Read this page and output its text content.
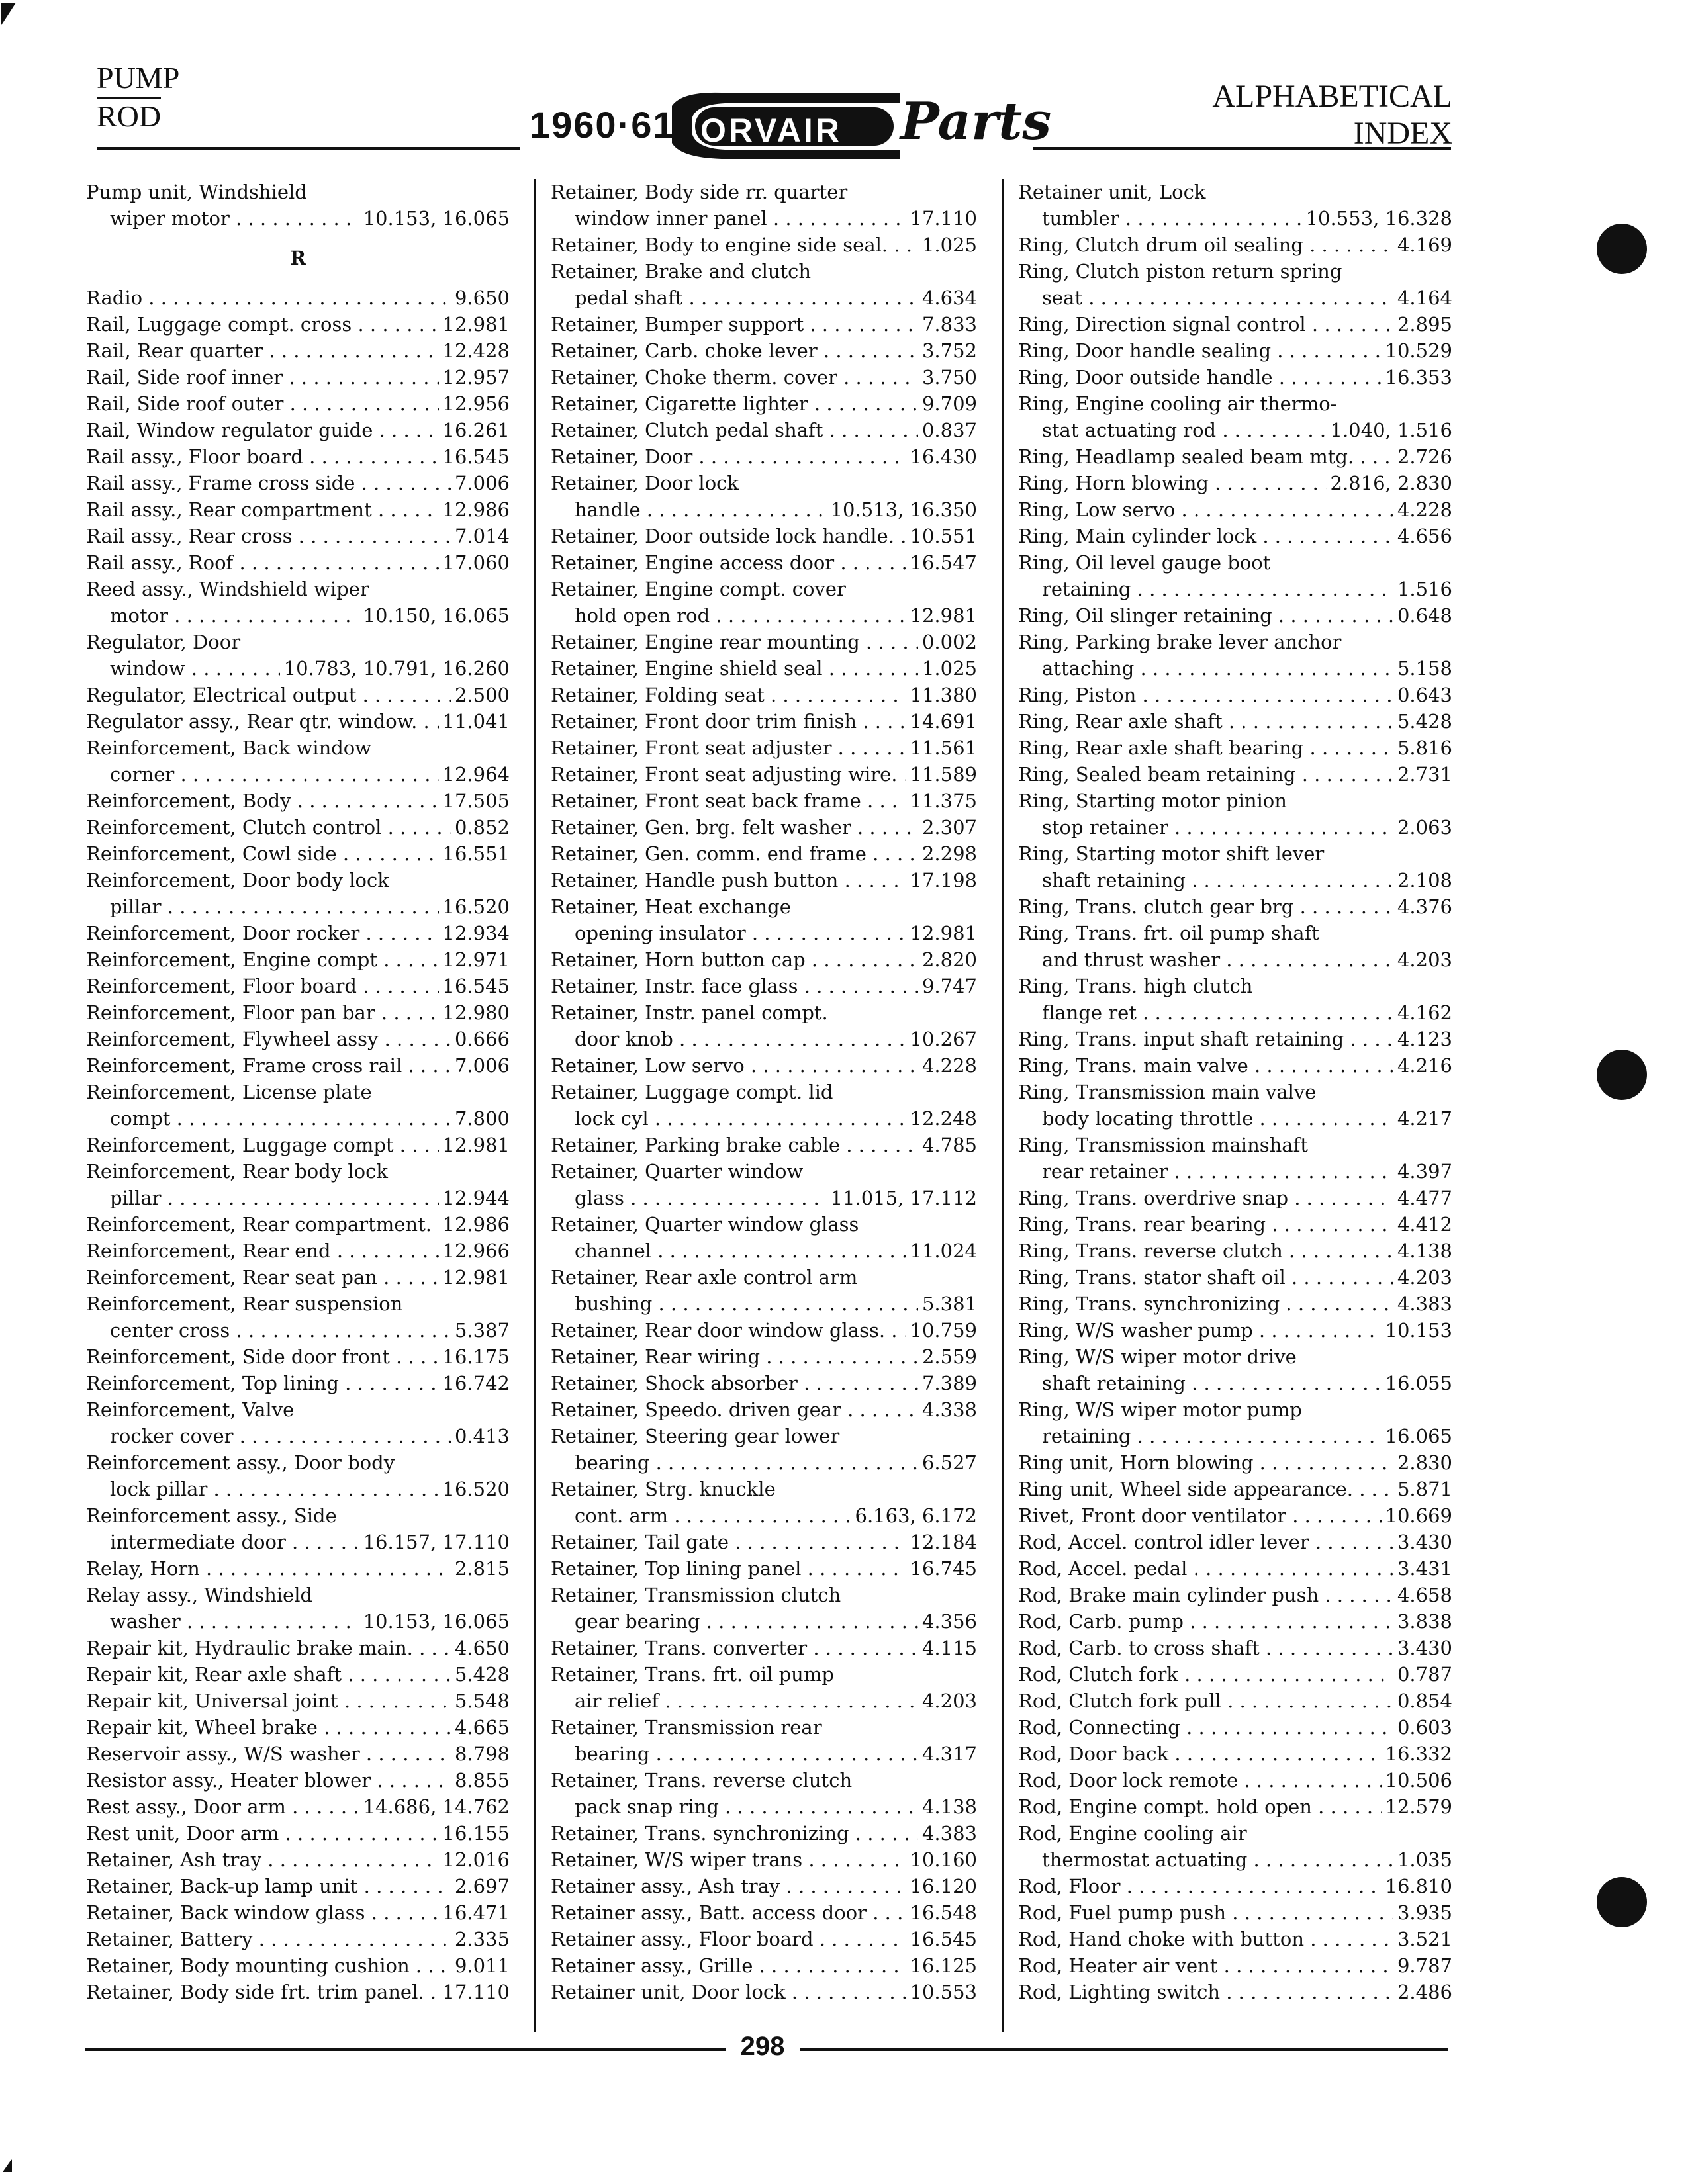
PUMP
ROD	1960·61 ORVAIR Parts	ALPHABETICAL
INDEX
Pump unit, Windshield
wiper motor . . .	10.153, 16.065
R
Radio . . .	9.650
Rail, Luggage compt. cross . . .	12.981
Rail, Rear quarter . . .	12.428
Rail, Side roof inner . . .	12.957
Rail, Side roof outer . . .	12.956
Rail, Window regulator guide . . .	16.261
Rail assy., Floor board . . .	16.545
Rail assy., Frame cross side . . .	7.006
Rail assy., Rear compartment . . .	12.986
Rail assy., Rear cross . . .	7.014
Rail assy., Roof . . .	17.060
Reed assy., Windshield wiper
motor . . .	10.150, 16.065
Regulator, Door
window . . .	10.783, 10.791, 16.260
Regulator, Electrical output . . .	2.500
Regulator assy., Rear qtr. window. . . .	11.041
Reinforcement, Back window
corner . . .	12.964
Reinforcement, Body . . .	17.505
Reinforcement, Clutch control . . .	0.852
Reinforcement, Cowl side . . .	16.551
Reinforcement, Door body lock
pillar . . .	16.520
Reinforcement, Door rocker . . .	12.934
Reinforcement, Engine compt . . .	12.971
Reinforcement, Floor board . . .	16.545
Reinforcement, Floor pan bar . . .	12.980
Reinforcement, Flywheel assy . . .	0.666
Reinforcement, Frame cross rail . . .	7.006
Reinforcement, License plate
compt . . .	7.800
Reinforcement, Luggage compt . . .	12.981
Reinforcement, Rear body lock
pillar . . .	12.944
Reinforcement, Rear compartment. . . . 12.986
Reinforcement, Rear end . . .	12.966
Reinforcement, Rear seat pan . . .	12.981
Reinforcement, Rear suspension
center cross . . .	5.387
Reinforcement, Side door front . . .	16.175
Reinforcement, Top lining . . .	16.742
Reinforcement, Valve
rocker cover . . .	0.413
Reinforcement assy., Door body
lock pillar . . .	16.520
Reinforcement assy., Side
intermediate door . . .	16.157, 17.110
Relay, Horn . . .	2.815
Relay assy., Windshield
washer . . .	10.153, 16.065
Repair kit, Hydraulic brake main. . . .	4.650
Repair kit, Rear axle shaft . . .	5.428
Repair kit, Universal joint . . .	5.548
Repair kit, Wheel brake . . .	4.665
Reservoir assy., W/S washer . . .	8.798
Resistor assy., Heater blower . . .	8.855
Rest assy., Door arm . . .	14.686, 14.762
Rest unit, Door arm . . .	16.155
Retainer, Ash tray . . .	12.016
Retainer, Back-up lamp unit . . .	2.697
Retainer, Back window glass . . .	16.471
Retainer, Battery . . .	2.335
Retainer, Body mounting cushion . . .	9.011
Retainer, Body side frt. trim panel. . . . 17.110
Retainer, Body side rr. quarter
window inner panel . . .	17.110
Retainer, Body to engine side seal. . . .	1.025
Retainer, Brake and clutch
pedal shaft . . .	4.634
Retainer, Bumper support . . .	7.833
Retainer, Carb. choke lever . . .	3.752
Retainer, Choke therm. cover . . .	3.750
Retainer, Cigarette lighter . . .	9.709
Retainer, Clutch pedal shaft . . .	0.837
Retainer, Door . . .	16.430
Retainer, Door lock
handle . . .	10.513, 16.350
Retainer, Door outside lock handle. . . . 10.551
Retainer, Engine access door . . .	16.547
Retainer, Engine compt. cover
hold open rod . . .	12.981
Retainer, Engine rear mounting . . .	0.002
Retainer, Engine shield seal . . .	1.025
Retainer, Folding seat . . .	11.380
Retainer, Front door trim finish . . .	14.691
Retainer, Front seat adjuster . . .	11.561
Retainer, Front seat adjusting wire. . . . 11.589
Retainer, Front seat back frame . . .	11.375
Retainer, Gen. brg. felt washer . . .	2.307
Retainer, Gen. comm. end frame . . .	2.298
Retainer, Handle push button . . .	17.198
Retainer, Heat exchange
opening insulator . . .	12.981
Retainer, Horn button cap . . .	2.820
Retainer, Instr. face glass . . .	9.747
Retainer, Instr. panel compt.
door knob . . .	10.267
Retainer, Low servo . . .	4.228
Retainer, Luggage compt. lid
lock cyl . . .	12.248
Retainer, Parking brake cable . . .	4.785
Retainer, Quarter window
glass . . .	11.015, 17.112
Retainer, Quarter window glass
channel . . .	11.024
Retainer, Rear axle control arm
bushing . . .	5.381
Retainer, Rear door window glass. . . .	10.759
Retainer, Rear wiring . . .	2.559
Retainer, Shock absorber . . .	7.389
Retainer, Speedo. driven gear . . .	4.338
Retainer, Steering gear lower
bearing . . .	6.527
Retainer, Strg. knuckle
cont. arm . . .	6.163, 6.172
Retainer, Tail gate . . .	12.184
Retainer, Top lining panel . . .	16.745
Retainer, Transmission clutch
gear bearing . . .	4.356
Retainer, Trans. converter . . .	4.115
Retainer, Trans. frt. oil pump
air relief . . .	4.203
Retainer, Transmission rear
bearing . . .	4.317
Retainer, Trans. reverse clutch
pack snap ring . . .	4.138
Retainer, Trans. synchronizing . . .	4.383
Retainer, W/S wiper trans . . .	10.160
Retainer assy., Ash tray . . .	16.120
Retainer assy., Batt. access door . . .	16.548
Retainer assy., Floor board . . .	16.545
Retainer assy., Grille . . .	16.125
Retainer unit, Door lock . . .	10.553
Retainer unit, Lock
tumbler . . .	10.553, 16.328
Ring, Clutch drum oil sealing . . .	4.169
Ring, Clutch piston return spring
seat . . .	4.164
Ring, Direction signal control . . .	2.895
Ring, Door handle sealing . . .	10.529
Ring, Door outside handle . . .	16.353
Ring, Engine cooling air thermo-
stat actuating rod . . .	1.040, 1.516
Ring, Headlamp sealed beam mtg. . . .	2.726
Ring, Horn blowing . . .	2.816, 2.830
Ring, Low servo . . .	4.228
Ring, Main cylinder lock . . .	4.656
Ring, Oil level gauge boot
retaining . . .	1.516
Ring, Oil slinger retaining . . .	0.648
Ring, Parking brake lever anchor
attaching . . .	5.158
Ring, Piston . . .	0.643
Ring, Rear axle shaft . . .	5.428
Ring, Rear axle shaft bearing . . .	5.816
Ring, Sealed beam retaining . . .	2.731
Ring, Starting motor pinion
stop retainer . . .	2.063
Ring, Starting motor shift lever
shaft retaining . . .	2.108
Ring, Trans. clutch gear brg . . .	4.376
Ring, Trans. frt. oil pump shaft
and thrust washer . . .	4.203
Ring, Trans. high clutch
flange ret . . .	4.162
Ring, Trans. input shaft retaining . . .	4.123
Ring, Trans. main valve . . .	4.216
Ring, Transmission main valve
body locating throttle . . .	4.217
Ring, Transmission mainshaft
rear retainer . . .	4.397
Ring, Trans. overdrive snap . . .	4.477
Ring, Trans. rear bearing . . .	4.412
Ring, Trans. reverse clutch . . .	4.138
Ring, Trans. stator shaft oil . . .	4.203
Ring, Trans. synchronizing . . .	4.383
Ring, W/S washer pump . . .	10.153
Ring, W/S wiper motor drive
shaft retaining . . .	16.055
Ring, W/S wiper motor pump
retaining . . .	16.065
Ring unit, Horn blowing . . .	2.830
Ring unit, Wheel side appearance. . . .	5.871
Rivet, Front door ventilator . . .	10.669
Rod, Accel. control idler lever . . .	3.430
Rod, Accel. pedal . . .	3.431
Rod, Brake main cylinder push . . .	4.658
Rod, Carb. pump . . .	3.838
Rod, Carb. to cross shaft . . .	3.430
Rod, Clutch fork . . .	0.787
Rod, Clutch fork pull . . .	0.854
Rod, Connecting . . .	0.603
Rod, Door back . . .	16.332
Rod, Door lock remote . . .	10.506
Rod, Engine compt. hold open . . .	12.579
Rod, Engine cooling air
thermostat actuating . . .	1.035
Rod, Floor . . .	16.810
Rod, Fuel pump push . . .	3.935
Rod, Hand choke with button . . .	3.521
Rod, Heater air vent . . .	9.787
Rod, Lighting switch . . .	2.486
298
